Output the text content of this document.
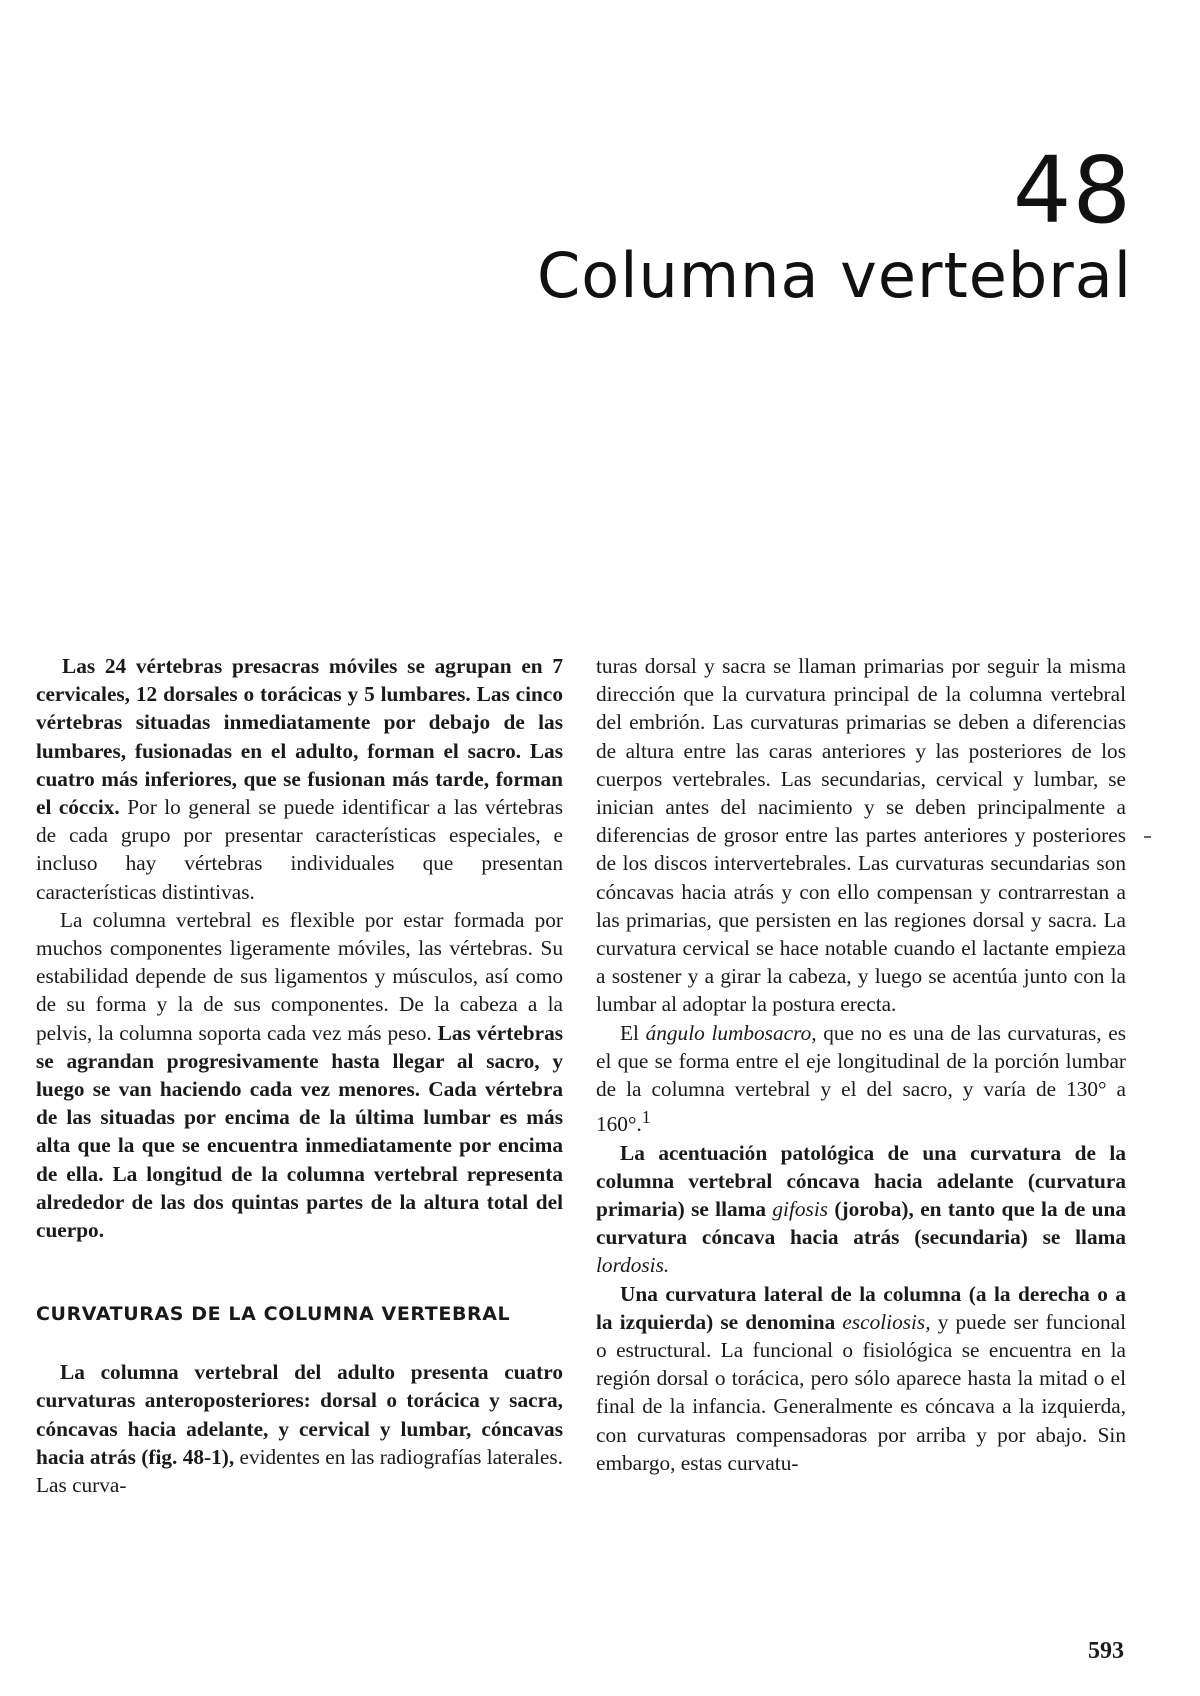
48
Columna vertebral

Las 24 vértebras presacras móviles se agrupan en 7 cervicales, 12 dorsales o torácicas y 5 lumbares. Las cinco vértebras situadas inmediatamente por debajo de las lumbares, fusionadas en el adulto, forman el sacro. Las cuatro más inferiores, que se fusionan más tarde, forman el cóccix. Por lo general se puede identificar a las vértebras de cada grupo por presentar características especiales, e incluso hay vértebras individuales que presentan características distintivas.

La columna vertebral es flexible por estar formada por muchos componentes ligeramente móviles, las vértebras. Su estabilidad depende de sus ligamentos y músculos, así como de su forma y la de sus componentes. De la cabeza a la pelvis, la columna soporta cada vez más peso. Las vértebras se agrandan progresivamente hasta llegar al sacro, y luego se van haciendo cada vez menores. Cada vértebra de las situadas por encima de la última lumbar es más alta que la que se encuentra inmediatamente por encima de ella. La longitud de la columna vertebral representa alrededor de las dos quintas partes de la altura total del cuerpo.

CURVATURAS DE LA COLUMNA VERTEBRAL

La columna vertebral del adulto presenta cuatro curvaturas anteroposteriores: dorsal o torácica y sacra, cóncavas hacia adelante, y cervical y lumbar, cóncavas hacia atrás (fig. 48-1), evidentes en las radiografías laterales. Las curva-

turas dorsal y sacra se llaman primarias por seguir la misma dirección que la curvatura principal de la columna vertebral del embrión. Las curvaturas primarias se deben a diferencias de altura entre las caras anteriores y las posteriores de los cuerpos vertebrales. Las secundarias, cervical y lumbar, se inician antes del nacimiento y se deben principalmente a diferencias de grosor entre las partes anteriores y posteriores de los discos intervertebrales. Las curvaturas secundarias son cóncavas hacia atrás y con ello compensan y contrarrestan a las primarias, que persisten en las regiones dorsal y sacra. La curvatura cervical se hace notable cuando el lactante empieza a sostener y a girar la cabeza, y luego se acentúa junto con la lumbar al adoptar la postura erecta.

El ángulo lumbosacro, que no es una de las curvaturas, es el que se forma entre el eje longitudinal de la porción lumbar de la columna vertebral y el del sacro, y varía de 130° a 160°.$^1$

La acentuación patológica de una curvatura de la columna vertebral cóncava hacia adelante (curvatura primaria) se llama gifosis (joroba), en tanto que la de una curvatura cóncava hacia atrás (secundaria) se llama lordosis.

Una curvatura lateral de la columna (a la derecha o a la izquierda) se denomina escoliosis, y puede ser funcional o estructural. La funcional o fisiológica se encuentra en la región dorsal o torácica, pero sólo aparece hasta la mitad o el final de la infancia. Generalmente es cóncava a la izquierda, con curvaturas compensadoras por arriba y por abajo. Sin embargo, estas curvatu-

593
